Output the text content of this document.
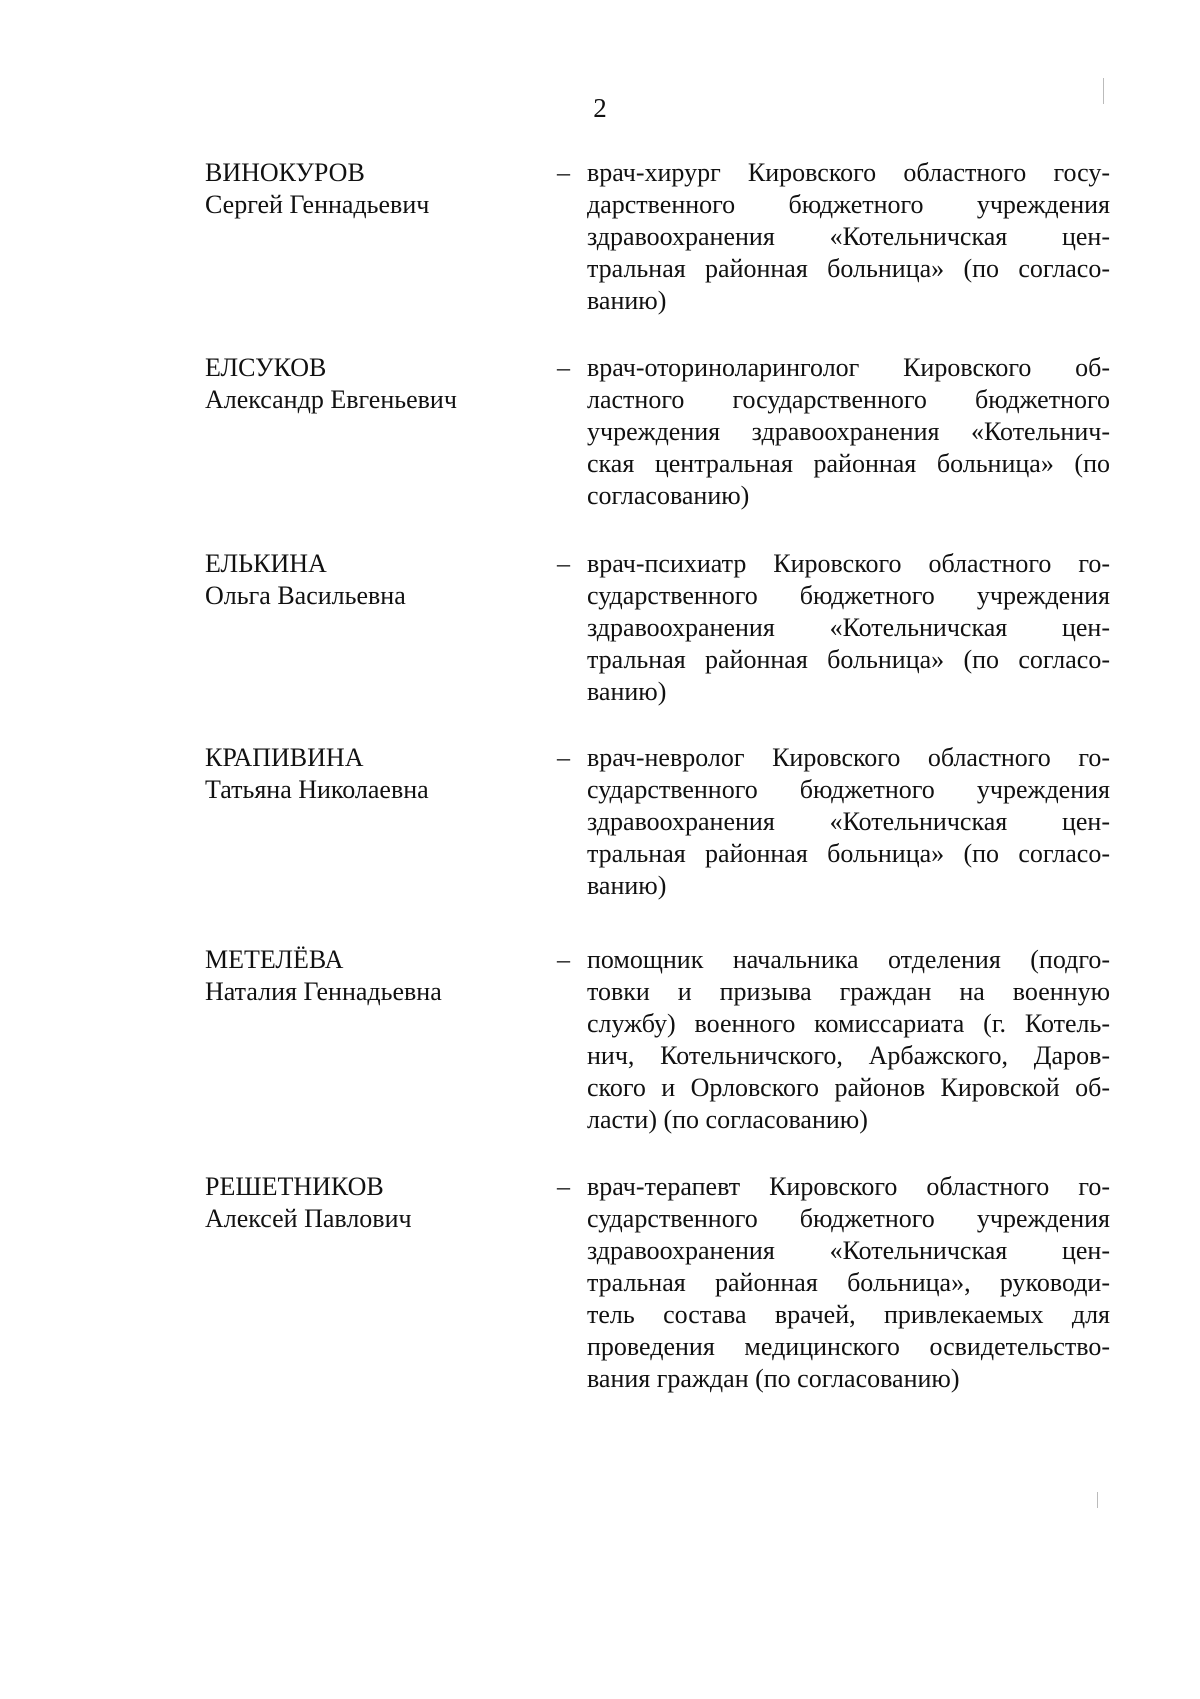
2
ВИНОКУРОВ
Сергей Геннадьевич
– врач-хирург Кировского областного госу-
дарственного бюджетного учреждения
здравоохранения «Котельничская цен-
тральная районная больница» (по согласо-
ванию)
ЕЛСУКОВ
Александр Евгеньевич
– врач-оториноларинголог Кировского об-
ластного государственного бюджетного
учреждения здравоохранения «Котельнич-
ская центральная районная больница» (по
согласованию)
ЕЛЬКИНА
Ольга Васильевна
– врач-психиатр Кировского областного го-
сударственного бюджетного учреждения
здравоохранения «Котельничская цен-
тральная районная больница» (по согласо-
ванию)
КРАПИВИНА
Татьяна Николаевна
– врач-невролог Кировского областного го-
сударственного бюджетного учреждения
здравоохранения «Котельничская цен-
тральная районная больница» (по согласо-
ванию)
МЕТЕЛЁВА
Наталия Геннадьевна
– помощник начальника отделения (подго-
товки и призыва граждан на военную
службу) военного комиссариата (г. Котель-
нич, Котельничского, Арбажского, Даров-
ского и Орловского районов Кировской об-
ласти) (по согласованию)
РЕШЕТНИКОВ
Алексей Павлович
– врач-терапевт Кировского областного го-
сударственного бюджетного учреждения
здравоохранения «Котельничская цен-
тральная районная больница», руководи-
тель состава врачей, привлекаемых для
проведения медицинского освидетельство-
вания граждан (по согласованию)
